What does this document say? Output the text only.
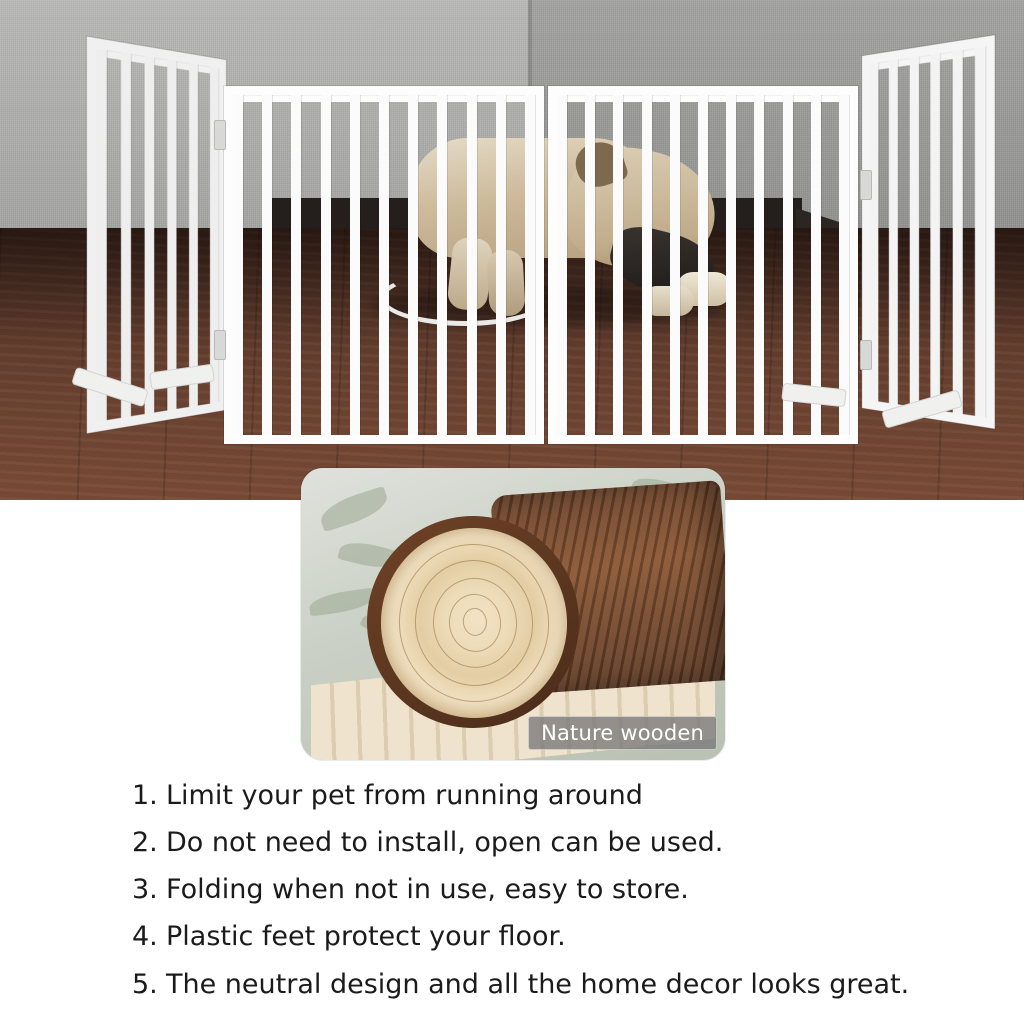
Nature wooden
1. Limit your pet from running around
2. Do not need to install, open can be used.
3. Folding when not in use, easy to store.
4. Plastic feet protect your floor.
5. The neutral design and all the home decor looks great.
